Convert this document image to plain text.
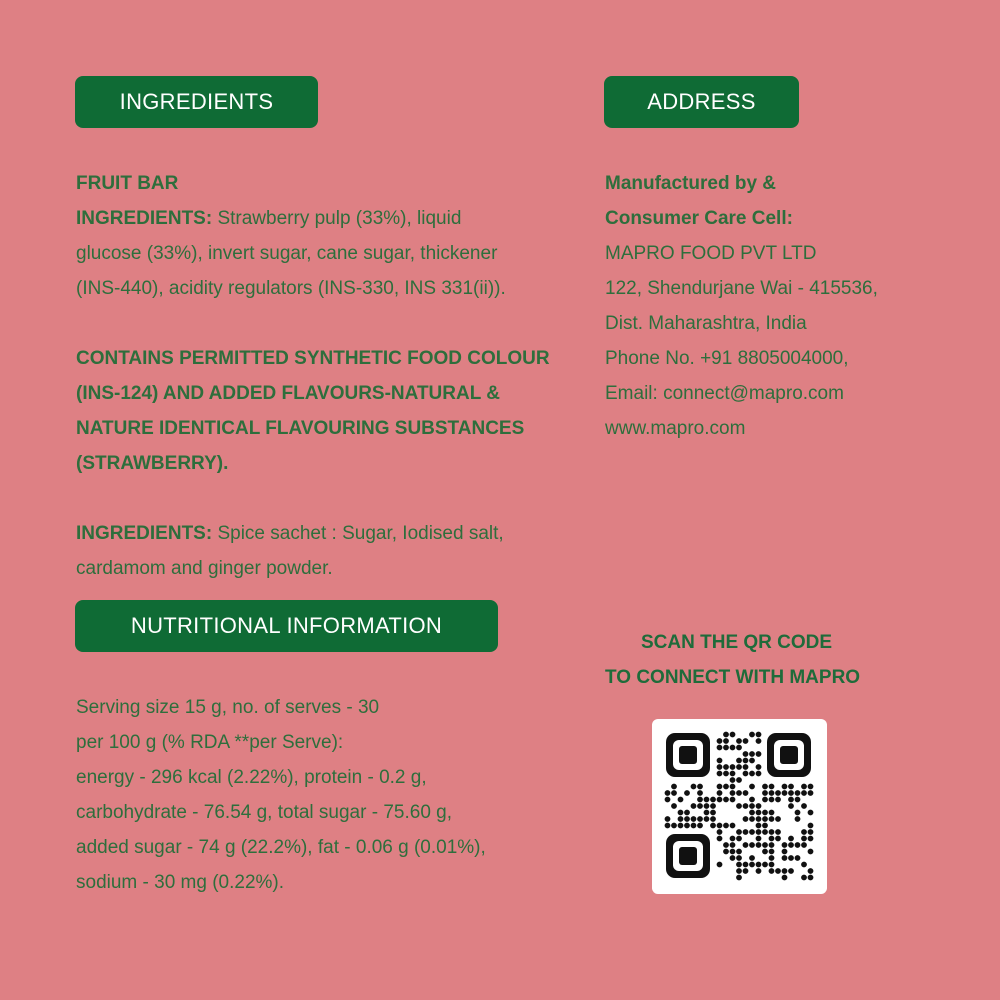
INGREDIENTS	ADDRESS
NUTRITIONAL INFORMATION
FRUIT BAR
INGREDIENTS: Strawberry pulp (33%), liquid
glucose (33%), invert sugar, cane sugar, thickener
(INS-440), acidity regulators (INS-330, INS 331(ii)).
CONTAINS PERMITTED SYNTHETIC FOOD COLOUR
(INS-124) AND ADDED FLAVOURS-NATURAL &
NATURE IDENTICAL FLAVOURING SUBSTANCES
(STRAWBERRY).
INGREDIENTS: Spice sachet : Sugar, Iodised salt,
cardamom and ginger powder.
Manufactured by &
Consumer Care Cell:
MAPRO FOOD PVT LTD
122, Shendurjane Wai - 415536,
Dist. Maharashtra, India
Phone No. +91 8805004000,
Email: connect@mapro.com
www.mapro.com
Serving size 15 g, no. of serves - 30
per 100 g (% RDA **per Serve):
energy - 296 kcal (2.22%), protein - 0.2 g,
carbohydrate - 76.54 g, total sugar - 75.60 g,
added sugar - 74 g (22.2%), fat - 0.06 g (0.01%),
sodium - 30 mg (0.22%).
SCAN THE QR CODE
TO CONNECT WITH MAPRO
